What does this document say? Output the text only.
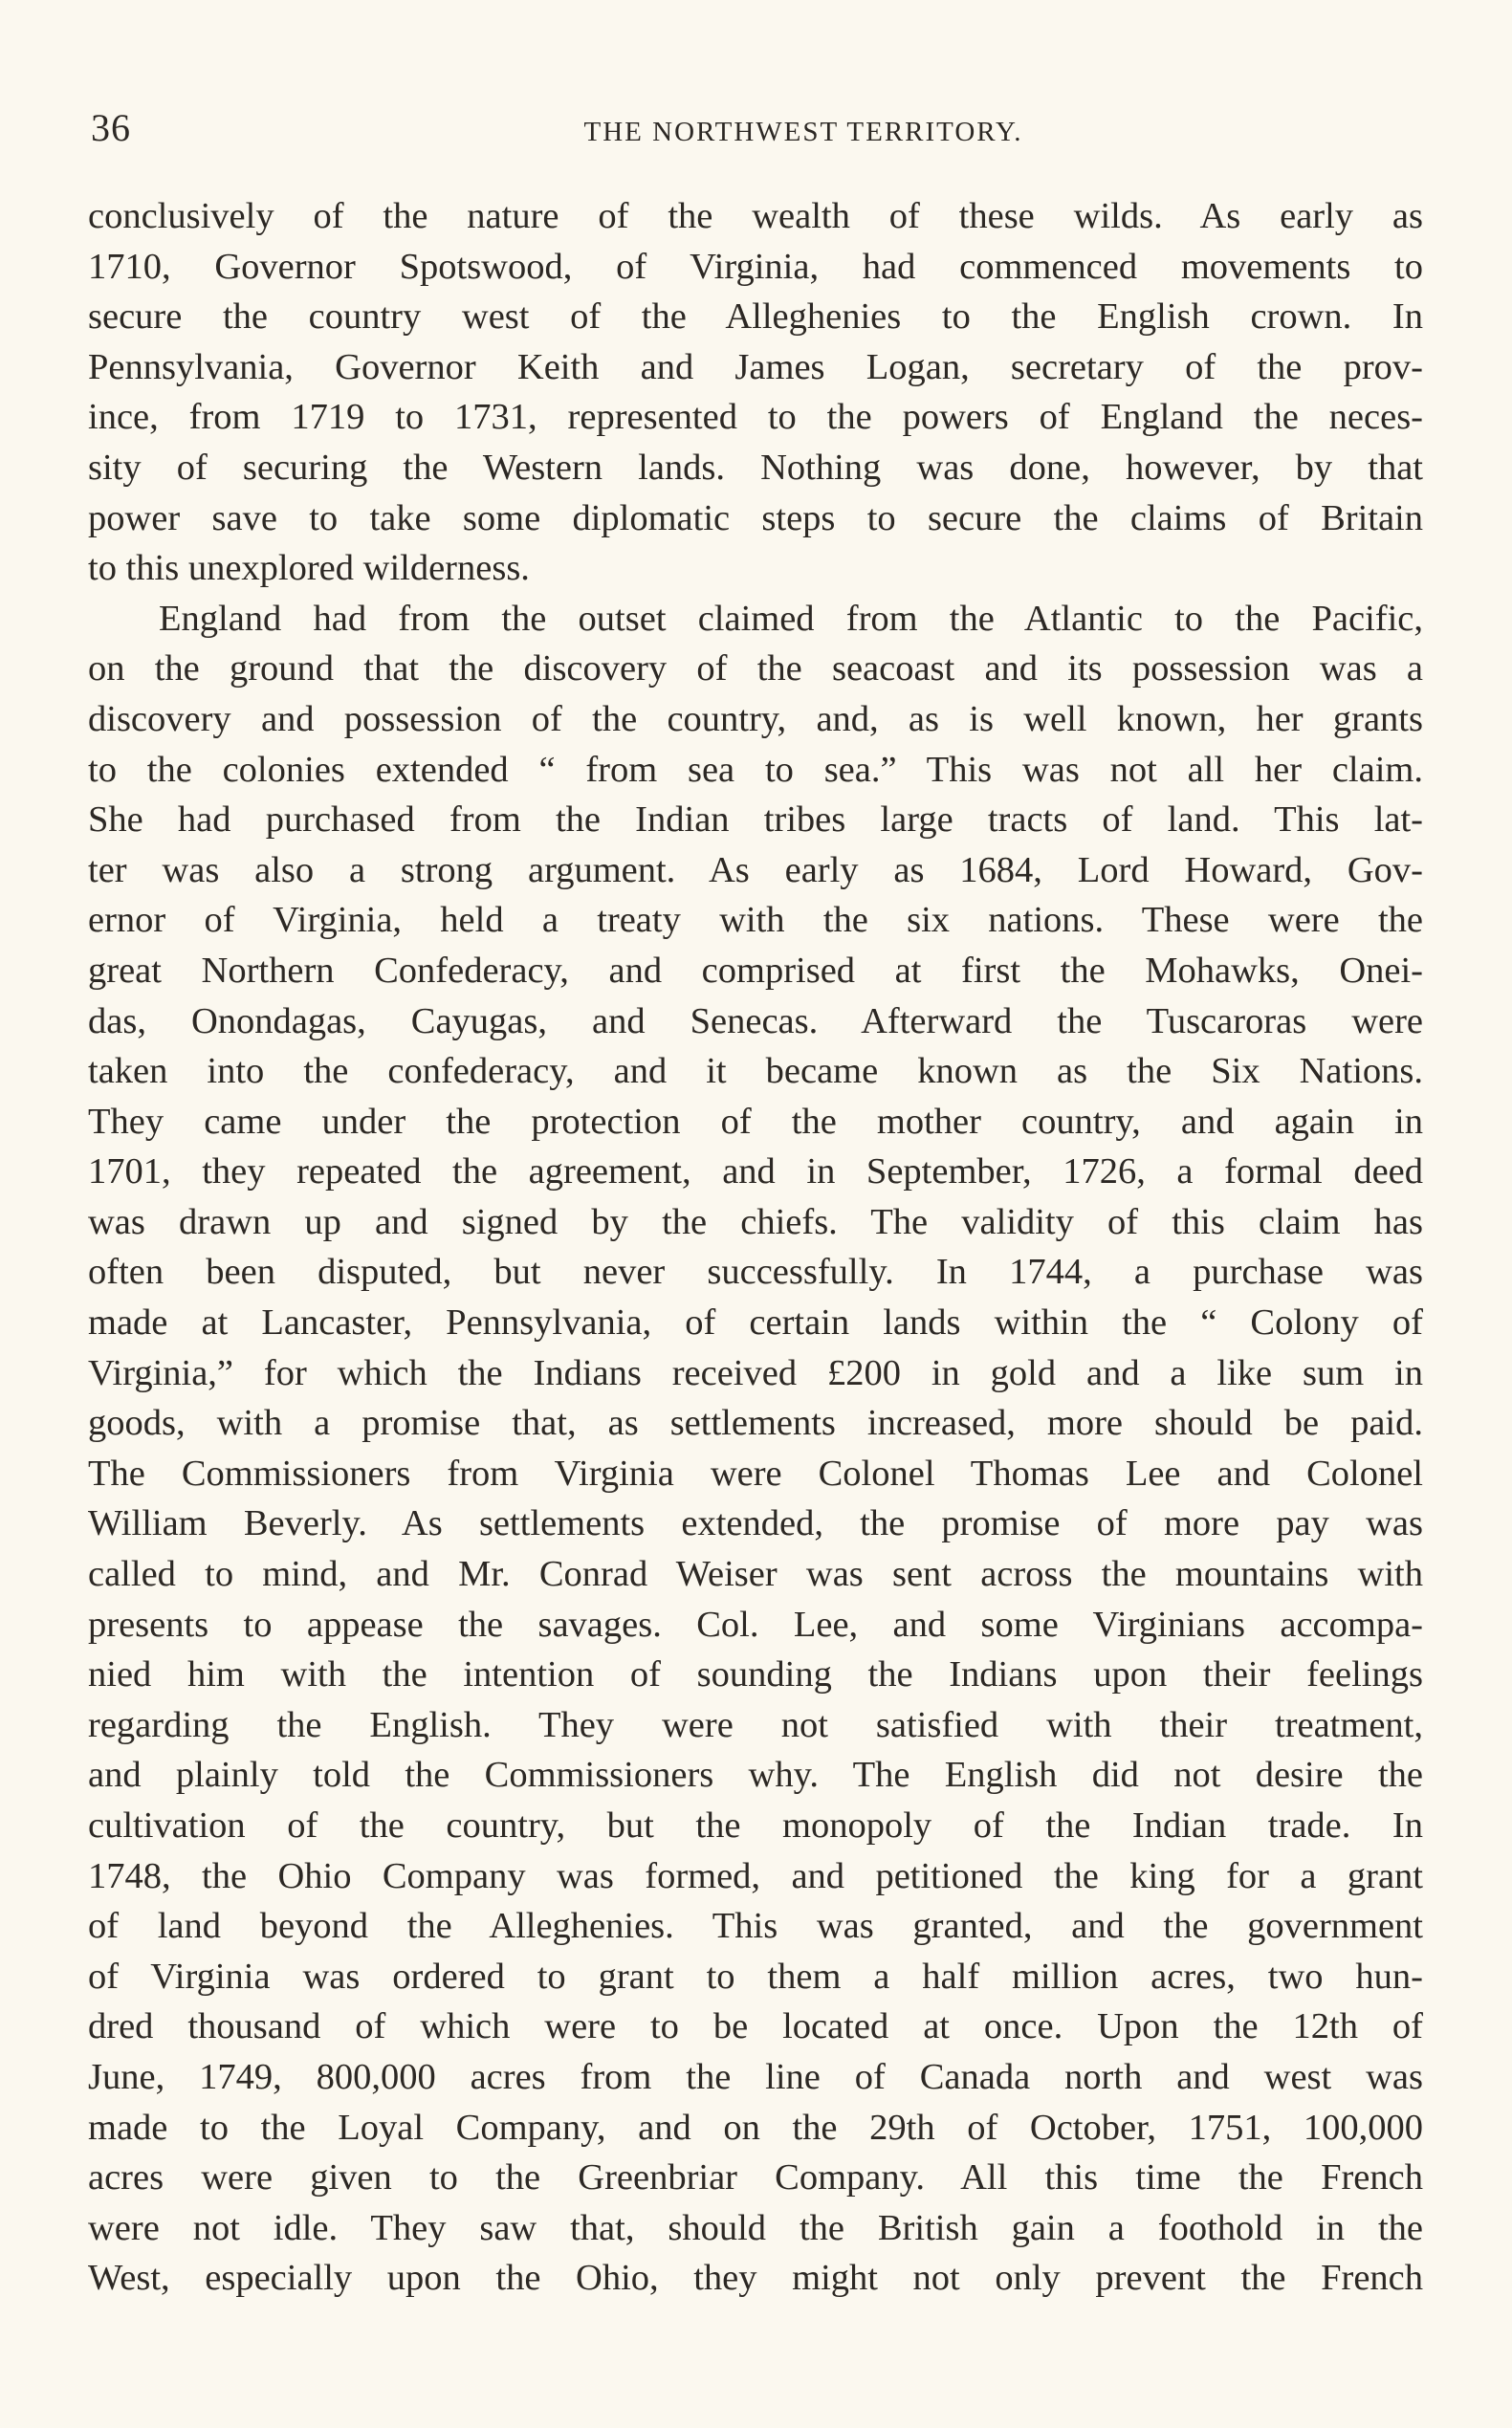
36	THE NORTHWEST TERRITORY.
conclusively of the nature of the wealth of these wilds. As early as
1710, Governor Spotswood, of Virginia, had commenced movements to
secure the country west of the Alleghenies to the English crown. In
Pennsylvania, Governor Keith and James Logan, secretary of the prov-
ince, from 1719 to 1731, represented to the powers of England the neces-
sity of securing the Western lands. Nothing was done, however, by that
power save to take some diplomatic steps to secure the claims of Britain
to this unexplored wilderness.
England had from the outset claimed from the Atlantic to the Pacific,
on the ground that the discovery of the seacoast and its possession was a
discovery and possession of the country, and, as is well known, her grants
to the colonies extended “ from sea to sea.” This was not all her claim.
She had purchased from the Indian tribes large tracts of land. This lat-
ter was also a strong argument. As early as 1684, Lord Howard, Gov-
ernor of Virginia, held a treaty with the six nations. These were the
great Northern Confederacy, and comprised at first the Mohawks, Onei-
das, Onondagas, Cayugas, and Senecas. Afterward the Tuscaroras were
taken into the confederacy, and it became known as the Six Nations.
They came under the protection of the mother country, and again in
1701, they repeated the agreement, and in September, 1726, a formal deed
was drawn up and signed by the chiefs. The validity of this claim has
often been disputed, but never successfully. In 1744, a purchase was
made at Lancaster, Pennsylvania, of certain lands within the “ Colony of
Virginia,” for which the Indians received £200 in gold and a like sum in
goods, with a promise that, as settlements increased, more should be paid.
The Commissioners from Virginia were Colonel Thomas Lee and Colonel
William Beverly. As settlements extended, the promise of more pay was
called to mind, and Mr. Conrad Weiser was sent across the mountains with
presents to appease the savages. Col. Lee, and some Virginians accompa-
nied him with the intention of sounding the Indians upon their feelings
regarding the English. They were not satisfied with their treatment,
and plainly told the Commissioners why. The English did not desire the
cultivation of the country, but the monopoly of the Indian trade. In
1748, the Ohio Company was formed, and petitioned the king for a grant
of land beyond the Alleghenies. This was granted, and the government
of Virginia was ordered to grant to them a half million acres, two hun-
dred thousand of which were to be located at once. Upon the 12th of
June, 1749, 800,000 acres from the line of Canada north and west was
made to the Loyal Company, and on the 29th of October, 1751, 100,000
acres were given to the Greenbriar Company. All this time the French
were not idle. They saw that, should the British gain a foothold in the
West, especially upon the Ohio, they might not only prevent the French
